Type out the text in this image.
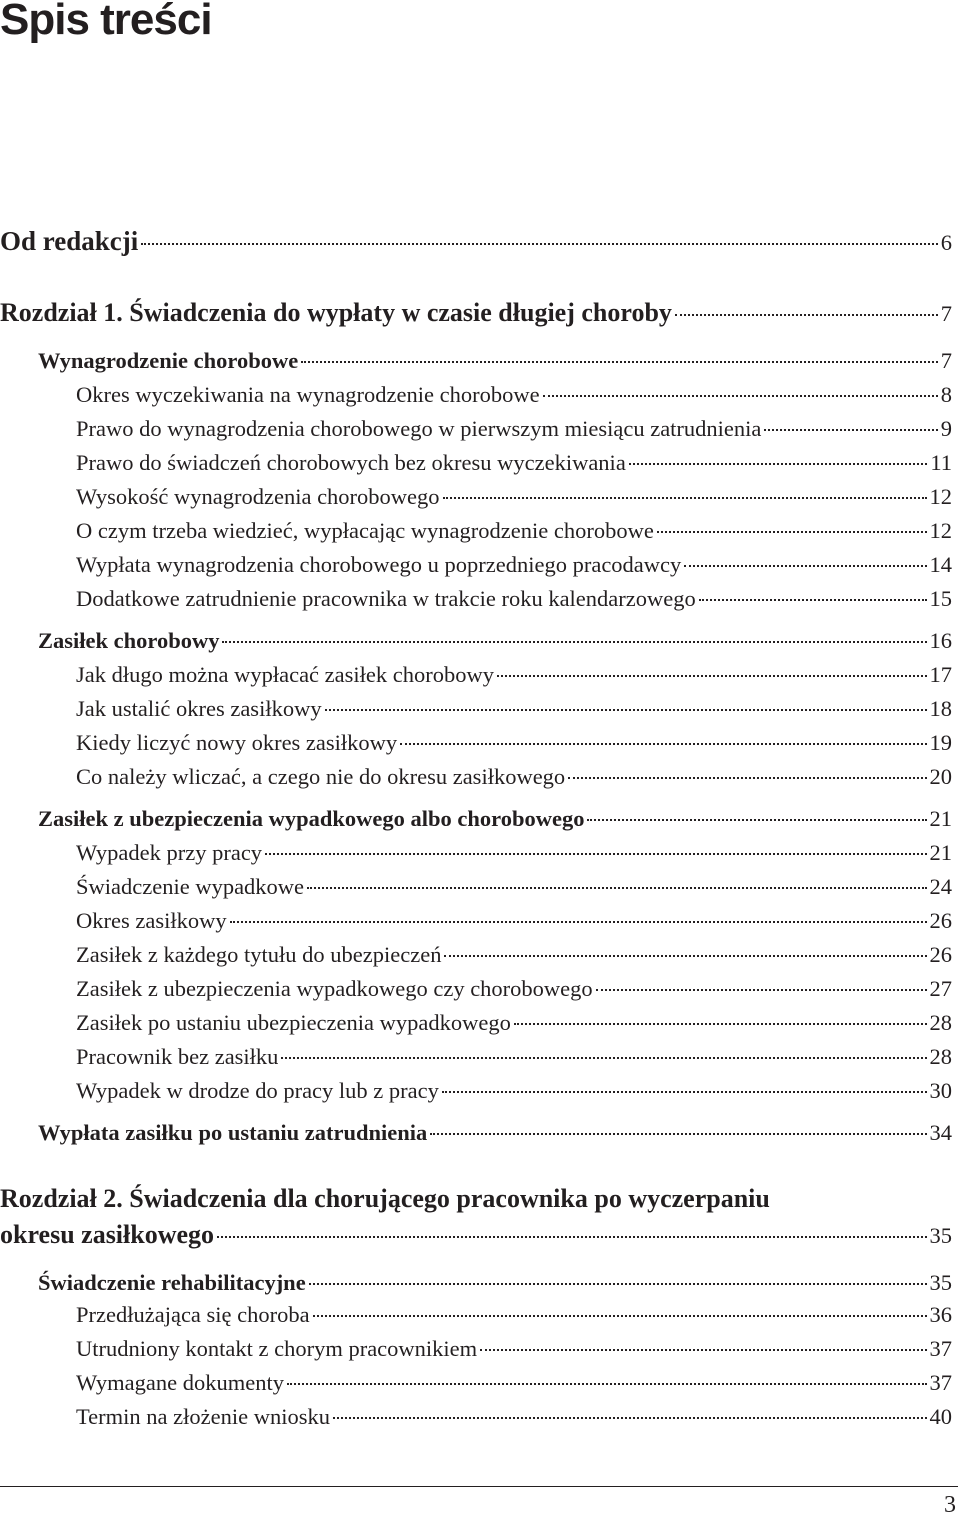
Spis treści
Od redakcji	6
Rozdział 1. Świadczenia do wypłaty w czasie długiej choroby	7
Wynagrodzenie chorobowe	7
Okres wyczekiwania na wynagrodzenie chorobowe	8
Prawo do wynagrodzenia chorobowego w pierwszym miesiącu zatrudnienia	9
Prawo do świadczeń chorobowych bez okresu wyczekiwania	11
Wysokość wynagrodzenia chorobowego	12
O czym trzeba wiedzieć, wypłacając wynagrodzenie chorobowe	12
Wypłata wynagrodzenia chorobowego u poprzedniego pracodawcy	14
Dodatkowe zatrudnienie pracownika w trakcie roku kalendarzowego	15
Zasiłek chorobowy	16
Jak długo można wypłacać zasiłek chorobowy	17
Jak ustalić okres zasiłkowy	18
Kiedy liczyć nowy okres zasiłkowy	19
Co należy wliczać, a czego nie do okresu zasiłkowego	20
Zasiłek z ubezpieczenia wypadkowego albo chorobowego	21
Wypadek przy pracy	21
Świadczenie wypadkowe	24
Okres zasiłkowy	26
Zasiłek z każdego tytułu do ubezpieczeń	26
Zasiłek z ubezpieczenia wypadkowego czy chorobowego	27
Zasiłek po ustaniu ubezpieczenia wypadkowego	28
Pracownik bez zasiłku	28
Wypadek w drodze do pracy lub z pracy	30
Wypłata zasiłku po ustaniu zatrudnienia	34
Rozdział 2. Świadczenia dla chorującego pracownika po wyczerpaniu
okresu zasiłkowego	35
Świadczenie rehabilitacyjne	35
Przedłużająca się choroba	36
Utrudniony kontakt z chorym pracownikiem	37
Wymagane dokumenty	37
Termin na złożenie wniosku	40
3
